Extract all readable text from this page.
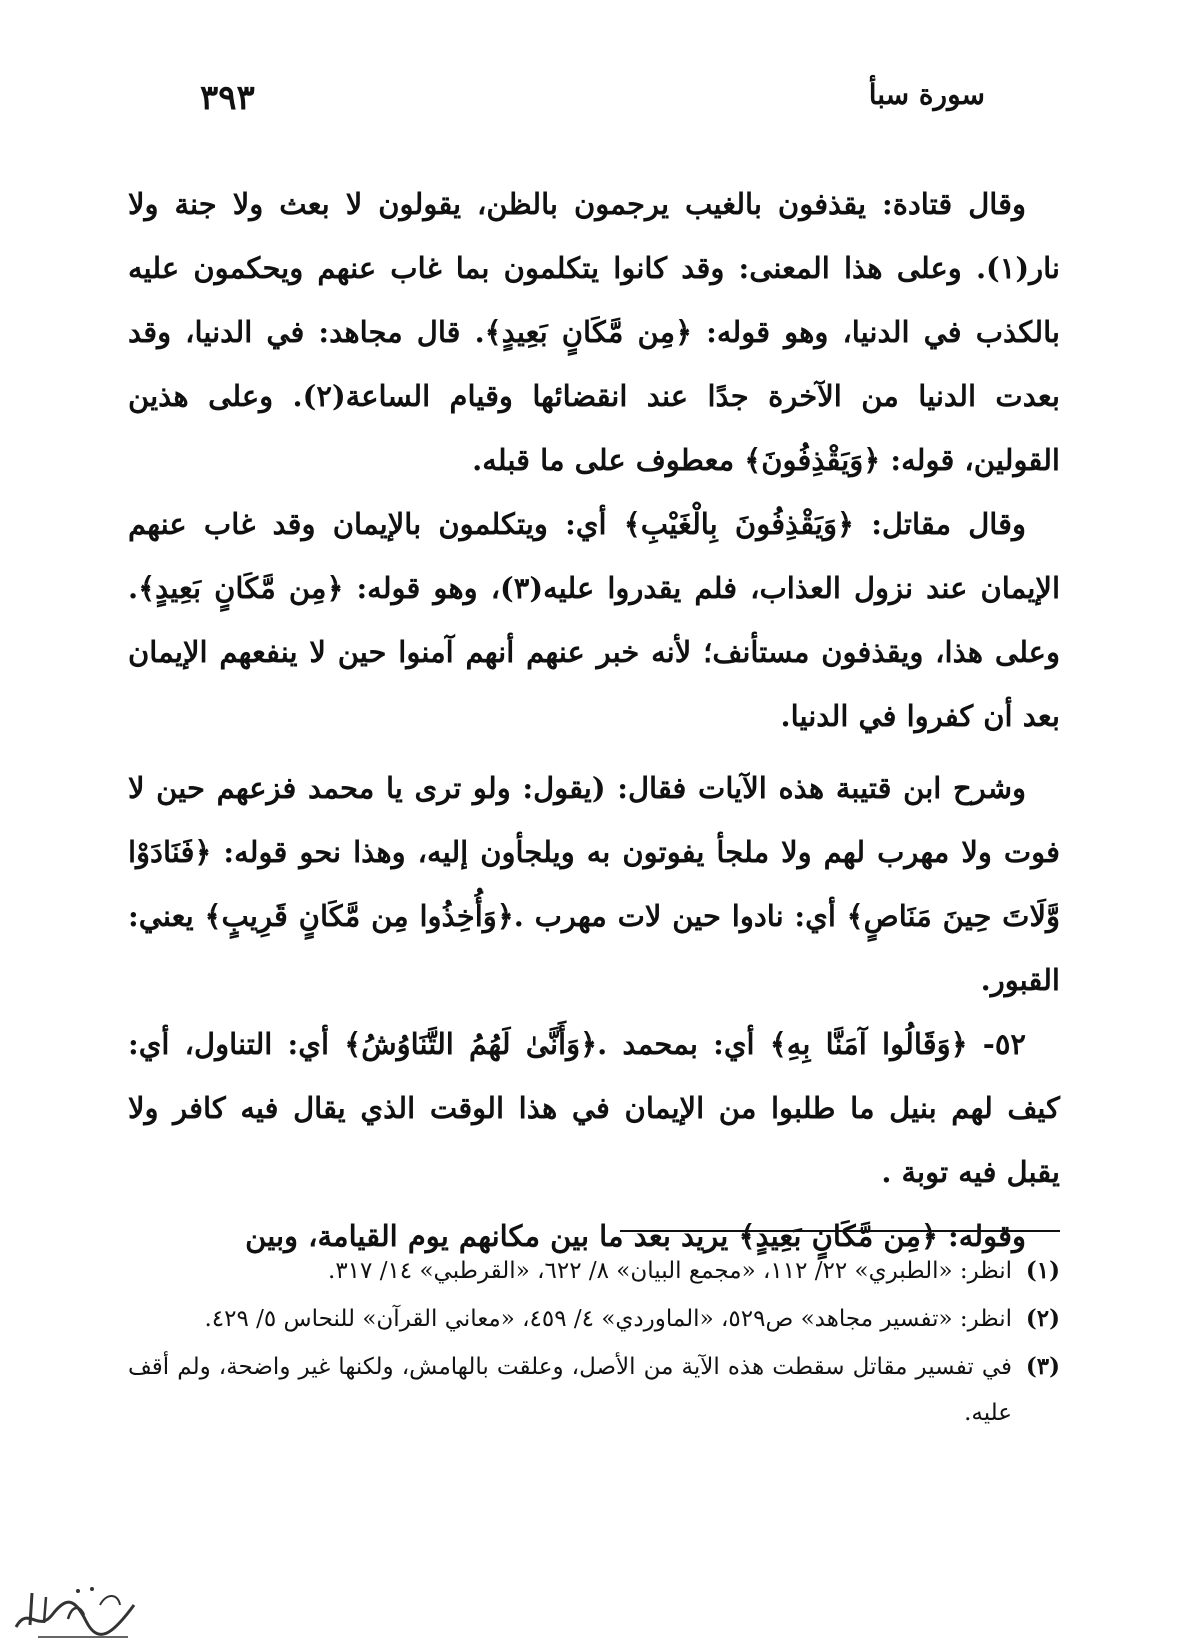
سورة سبأ
٣٩٣

وقال قتادة: يقذفون بالغيب يرجمون بالظن، يقولون لا بعث ولا جنة ولا نار(١). وعلى هذا المعنى: وقد كانوا يتكلمون بما غاب عنهم ويحكمون عليه بالكذب في الدنيا، وهو قوله: ﴿مِن مَّكَانٍ بَعِيدٍ﴾. قال مجاهد: في الدنيا، وقد بعدت الدنيا من الآخرة جدًا عند انقضائها وقيام الساعة(٢). وعلى هذين القولين، قوله: ﴿وَيَقْذِفُونَ﴾ معطوف على ما قبله.

وقال مقاتل: ﴿وَيَقْذِفُونَ بِالْغَيْبِ﴾ أي: ويتكلمون بالإيمان وقد غاب عنهم الإيمان عند نزول العذاب، فلم يقدروا عليه(٣)، وهو قوله: ﴿مِن مَّكَانٍ بَعِيدٍ﴾. وعلى هذا، ويقذفون مستأنف؛ لأنه خبر عنهم أنهم آمنوا حين لا ينفعهم الإيمان بعد أن كفروا في الدنيا.

وشرح ابن قتيبة هذه الآيات فقال: (يقول: ولو ترى يا محمد فزعهم حين لا فوت ولا مهرب لهم ولا ملجأ يفوتون به ويلجأون إليه، وهذا نحو قوله: ﴿فَنَادَوْا وَّلَاتَ حِينَ مَنَاصٍ﴾ أي: نادوا حين لات مهرب .﴿وَأُخِذُوا مِن مَّكَانٍ قَرِيبٍ﴾ يعني: القبور.

٥٢- ﴿وَقَالُوا آمَنَّا بِهِ﴾ أي: بمحمد .﴿وَأَنَّىٰ لَهُمُ التَّنَاوُشُ﴾ أي: التناول، أي: كيف لهم بنيل ما طلبوا من الإيمان في هذا الوقت الذي يقال فيه كافر ولا يقبل فيه توبة .

وقوله: ﴿مِن مَّكَانٍ بَعِيدٍ﴾ يريد بعد ما بين مكانهم يوم القيامة، وبين

(١)
انظر: «الطبري» ٢٢/ ١١٢، «مجمع البيان» ٨/ ٦٢٢، «القرطبي» ١٤/ ٣١٧.
(٢)
انظر: «تفسير مجاهد» ص٥٢٩، «الماوردي» ٤/ ٤٥٩، «معاني القرآن» للنحاس ٥/ ٤٢٩.
(٣)
في تفسير مقاتل سقطت هذه الآية من الأصل، وعلقت بالهامش، ولكنها غير واضحة، ولم أقف عليه.
